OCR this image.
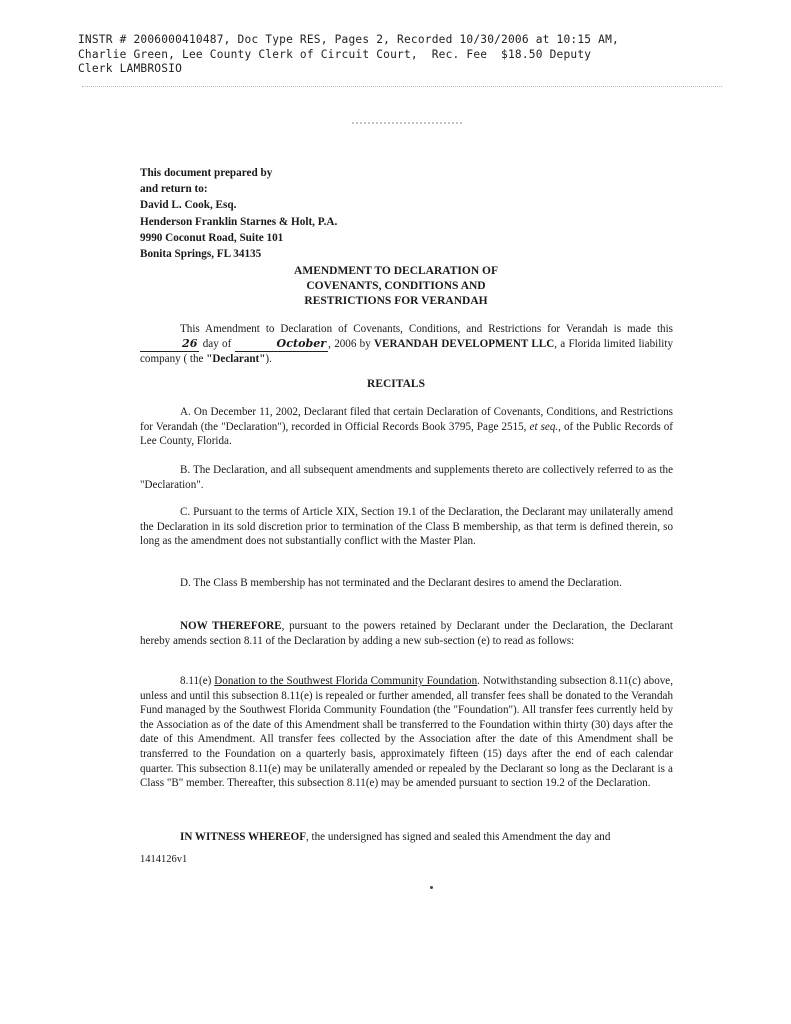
INSTR # 2006000410487, Doc Type RES, Pages 2, Recorded 10/30/2006 at 10:15 AM,
Charlie Green, Lee County Clerk of Circuit Court,  Rec. Fee  $18.50 Deputy
Clerk LAMBROSIO
This document prepared by
and return to:
David L. Cook, Esq.
Henderson Franklin Starnes & Holt, P.A.
9990 Coconut Road, Suite 101
Bonita Springs, FL 34135
AMENDMENT TO DECLARATION OF
COVENANTS, CONDITIONS AND
RESTRICTIONS FOR VERANDAH
This Amendment to Declaration of Covenants, Conditions, and Restrictions for Verandah is made this 26 day of	October , 2006 by VERANDAH DEVELOPMENT LLC, a Florida limited liability company ( the "Declarant").
RECITALS
A. On December 11, 2002, Declarant filed that certain Declaration of Covenants, Conditions, and Restrictions for Verandah (the "Declaration"), recorded in Official Records Book 3795, Page 2515, et seq., of the Public Records of Lee County, Florida.
B. The Declaration, and all subsequent amendments and supplements thereto are collectively referred to as the "Declaration".
C. Pursuant to the terms of Article XIX, Section 19.1 of the Declaration, the Declarant may unilaterally amend the Declaration in its sold discretion prior to termination of the Class B membership, as that term is defined therein, so long as the amendment does not substantially conflict with the Master Plan.
D. The Class B membership has not terminated and the Declarant desires to amend the Declaration.
NOW THEREFORE, pursuant to the powers retained by Declarant under the Declaration, the Declarant hereby amends section 8.11 of the Declaration by adding a new sub-section (e) to read as follows:
8.11(e) Donation to the Southwest Florida Community Foundation. Notwithstanding subsection 8.11(c) above, unless and until this subsection 8.11(e) is repealed or further amended, all transfer fees shall be donated to the Verandah Fund managed by the Southwest Florida Community Foundation (the "Foundation"). All transfer fees currently held by the Association as of the date of this Amendment shall be transferred to the Foundation within thirty (30) days after the date of this Amendment. All transfer fees collected by the Association after the date of this Amendment shall be transferred to the Foundation on a quarterly basis, approximately fifteen (15) days after the end of each calendar quarter. This subsection 8.11(e) may be unilaterally amended or repealed by the Declarant so long as the Declarant is a Class "B" member. Thereafter, this subsection 8.11(e) may be amended pursuant to section 19.2 of the Declaration.
IN WITNESS WHEREOF, the undersigned has signed and sealed this Amendment the day and
1414126v1
